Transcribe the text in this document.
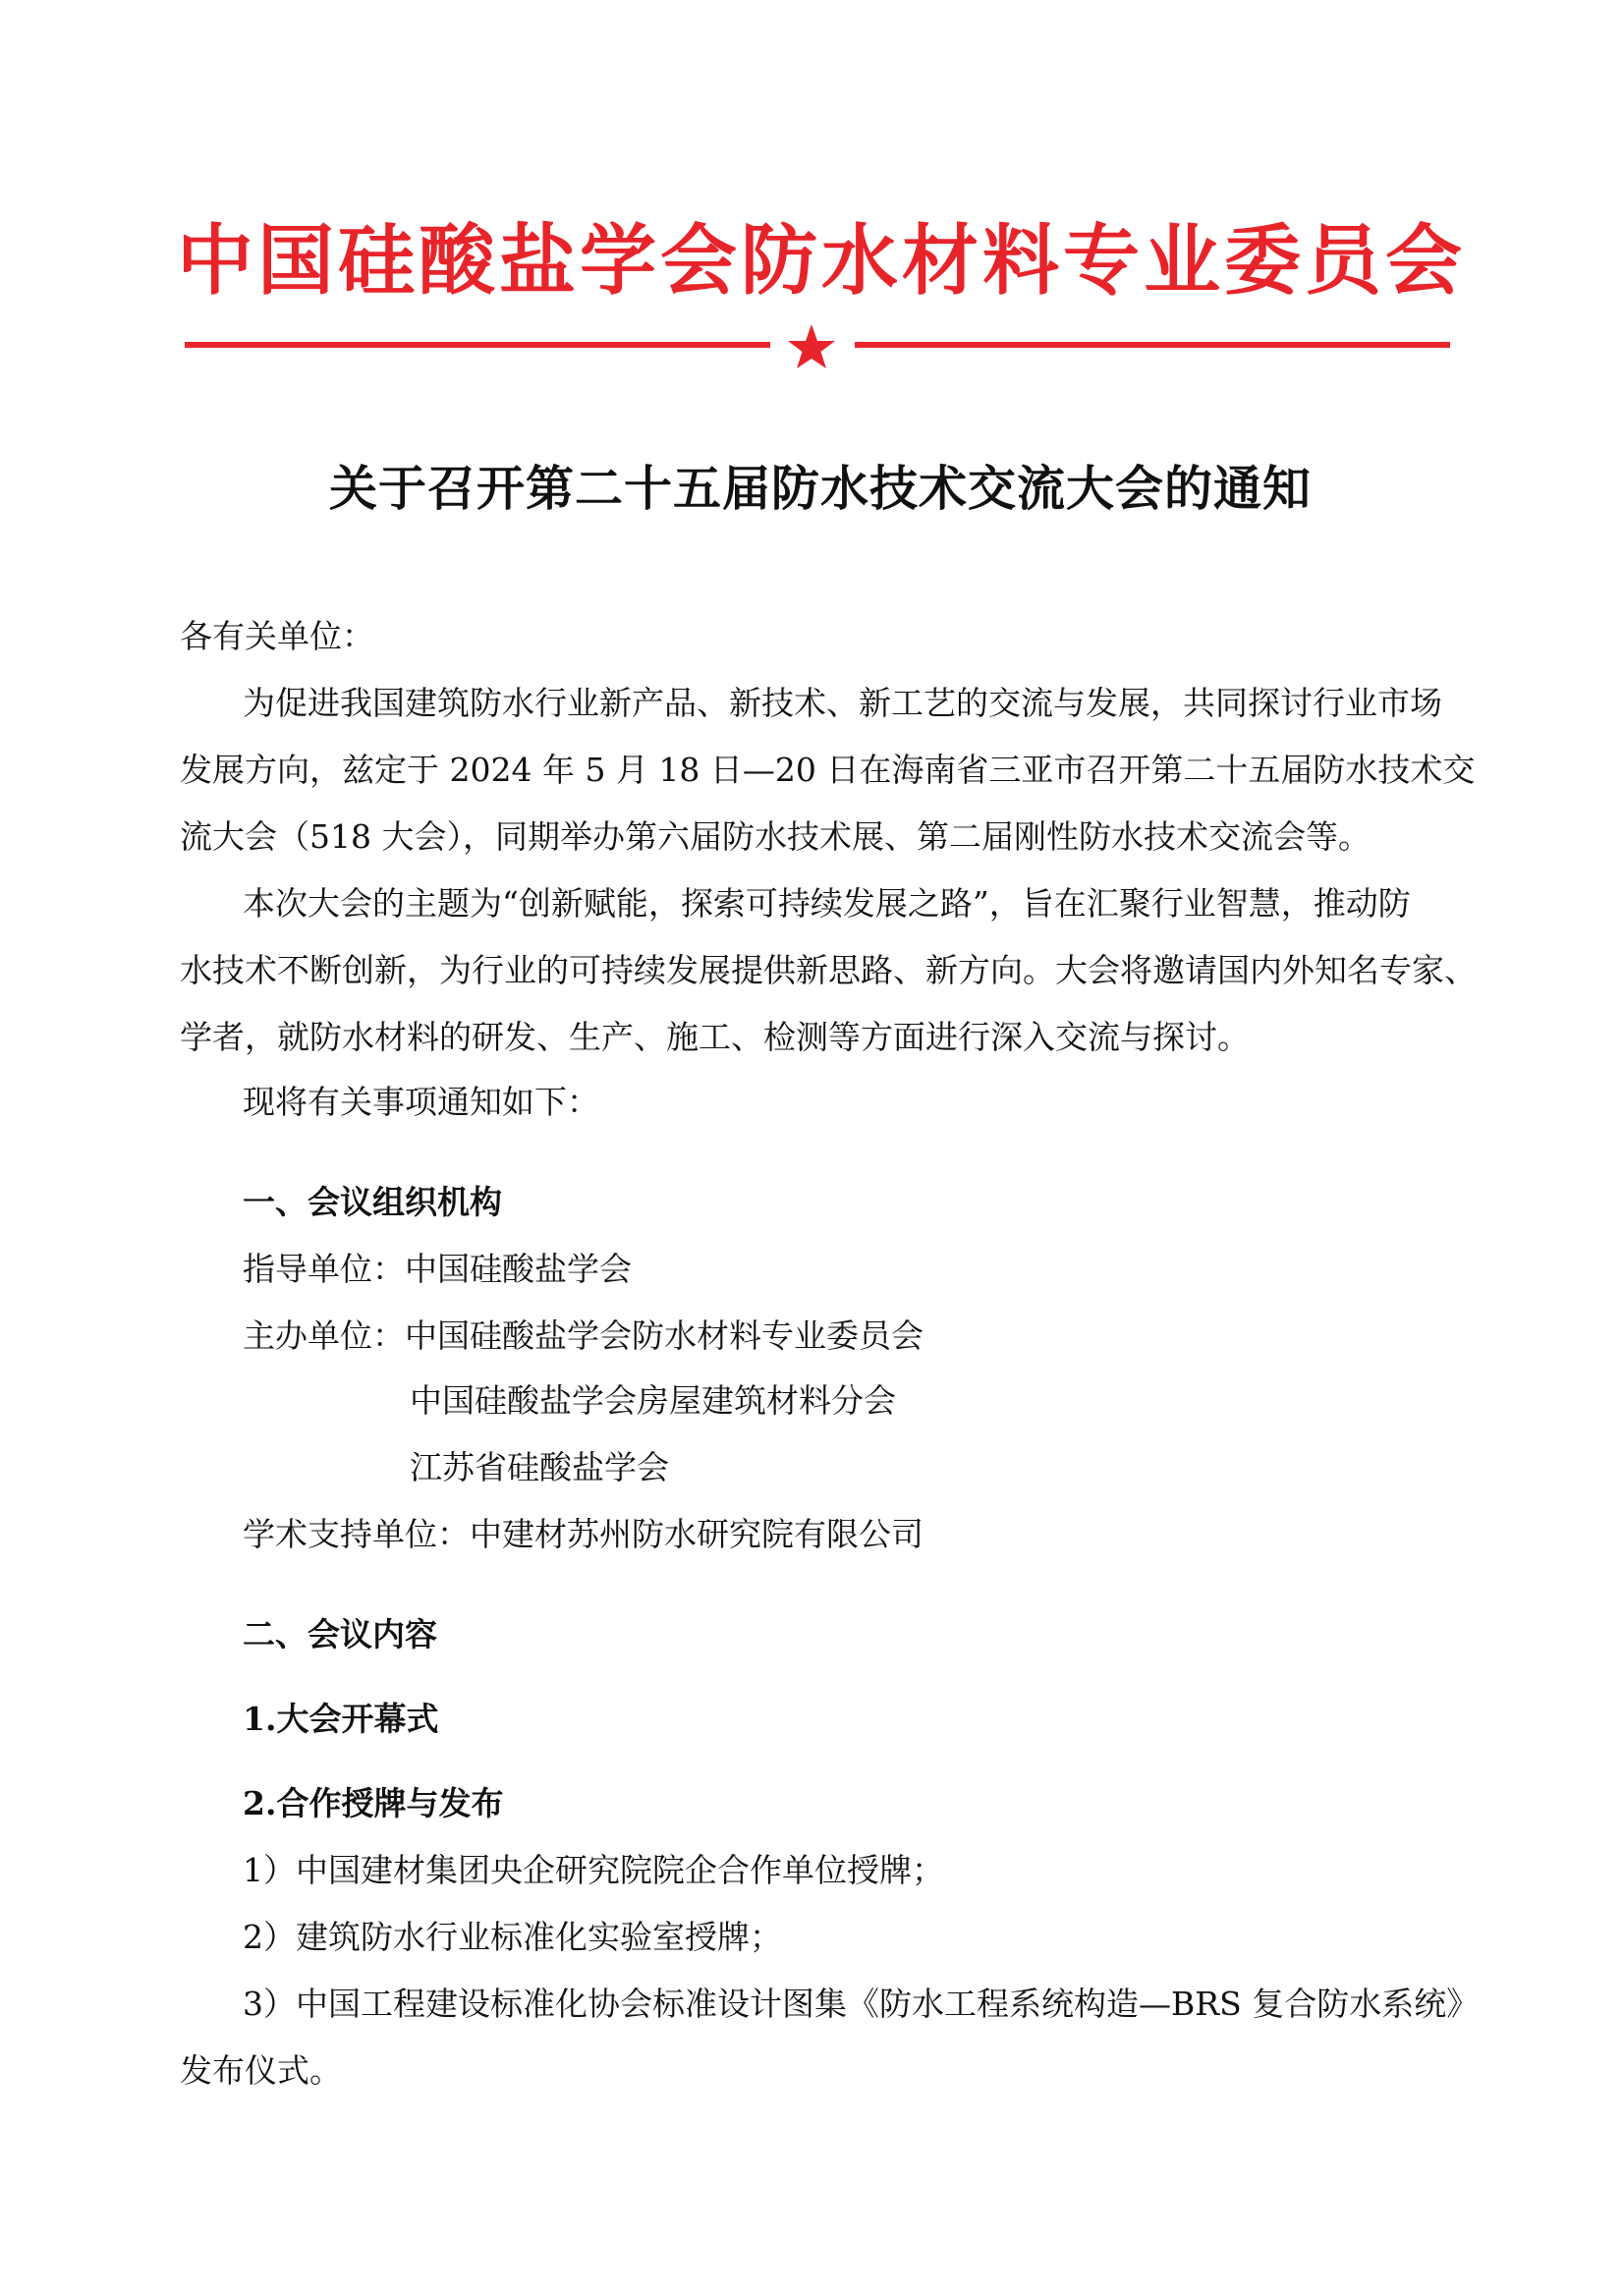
中国硅酸盐学会防水材料专业委员会
关于召开第二十五届防水技术交流大会的通知
各有关单位：
为促进我国建筑防水行业新产品、新技术、新工艺的交流与发展，共同探讨行业市场
发展方向，兹定于 2024 年 5 月 18 日—20 日在海南省三亚市召开第二十五届防水技术交
流大会（518 大会），同期举办第六届防水技术展、第二届刚性防水技术交流会等。
本次大会的主题为“创新赋能，探索可持续发展之路”，旨在汇聚行业智慧，推动防
水技术不断创新，为行业的可持续发展提供新思路、新方向。大会将邀请国内外知名专家、
学者，就防水材料的研发、生产、施工、检测等方面进行深入交流与探讨。
现将有关事项通知如下：
一、会议组织机构
指导单位：中国硅酸盐学会
主办单位：中国硅酸盐学会防水材料专业委员会
中国硅酸盐学会房屋建筑材料分会
江苏省硅酸盐学会
学术支持单位：中建材苏州防水研究院有限公司
二、会议内容
1.大会开幕式
2.合作授牌与发布
1）中国建材集团央企研究院院企合作单位授牌；
2）建筑防水行业标准化实验室授牌；
3）中国工程建设标准化协会标准设计图集《防水工程系统构造—BRS 复合防水系统》
发布仪式。
